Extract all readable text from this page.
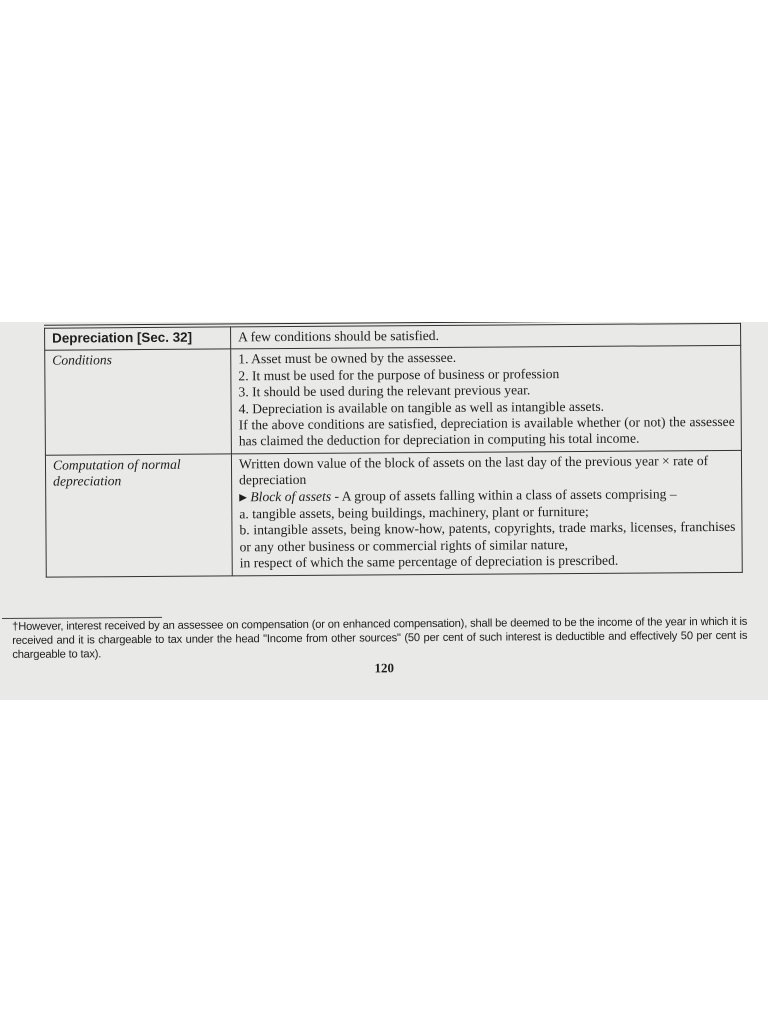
Depreciation [Sec. 32]	A few conditions should be satisfied.
Conditions	1. Asset must be owned by the assessee.
2. It must be used for the purpose of business or profession
3. It should be used during the relevant previous year.
4. Depreciation is available on tangible as well as intangible assets.
If the above conditions are satisfied, depreciation is available whether (or not) the assessee has claimed the deduction for depreciation in computing his total income.

Computation of normal depreciation	Written down value of the block of assets on the last day of the previous year × rate of depreciation
▶ Block of assets - A group of assets falling within a class of assets comprising –
a. tangible assets, being buildings, machinery, plant or furniture;
b. intangible assets, being know-how, patents, copyrights, trade marks, licenses, franchises or any other business or commercial rights of similar nature,
in respect of which the same percentage of depreciation is prescribed.
†However, interest received by an assessee on compensation (or on enhanced compensation), shall be deemed to be the income of the year in which it is received and it is chargeable to tax under the head "Income from other sources" (50 per cent of such interest is deductible and effectively 50 per cent is chargeable to tax).
120
